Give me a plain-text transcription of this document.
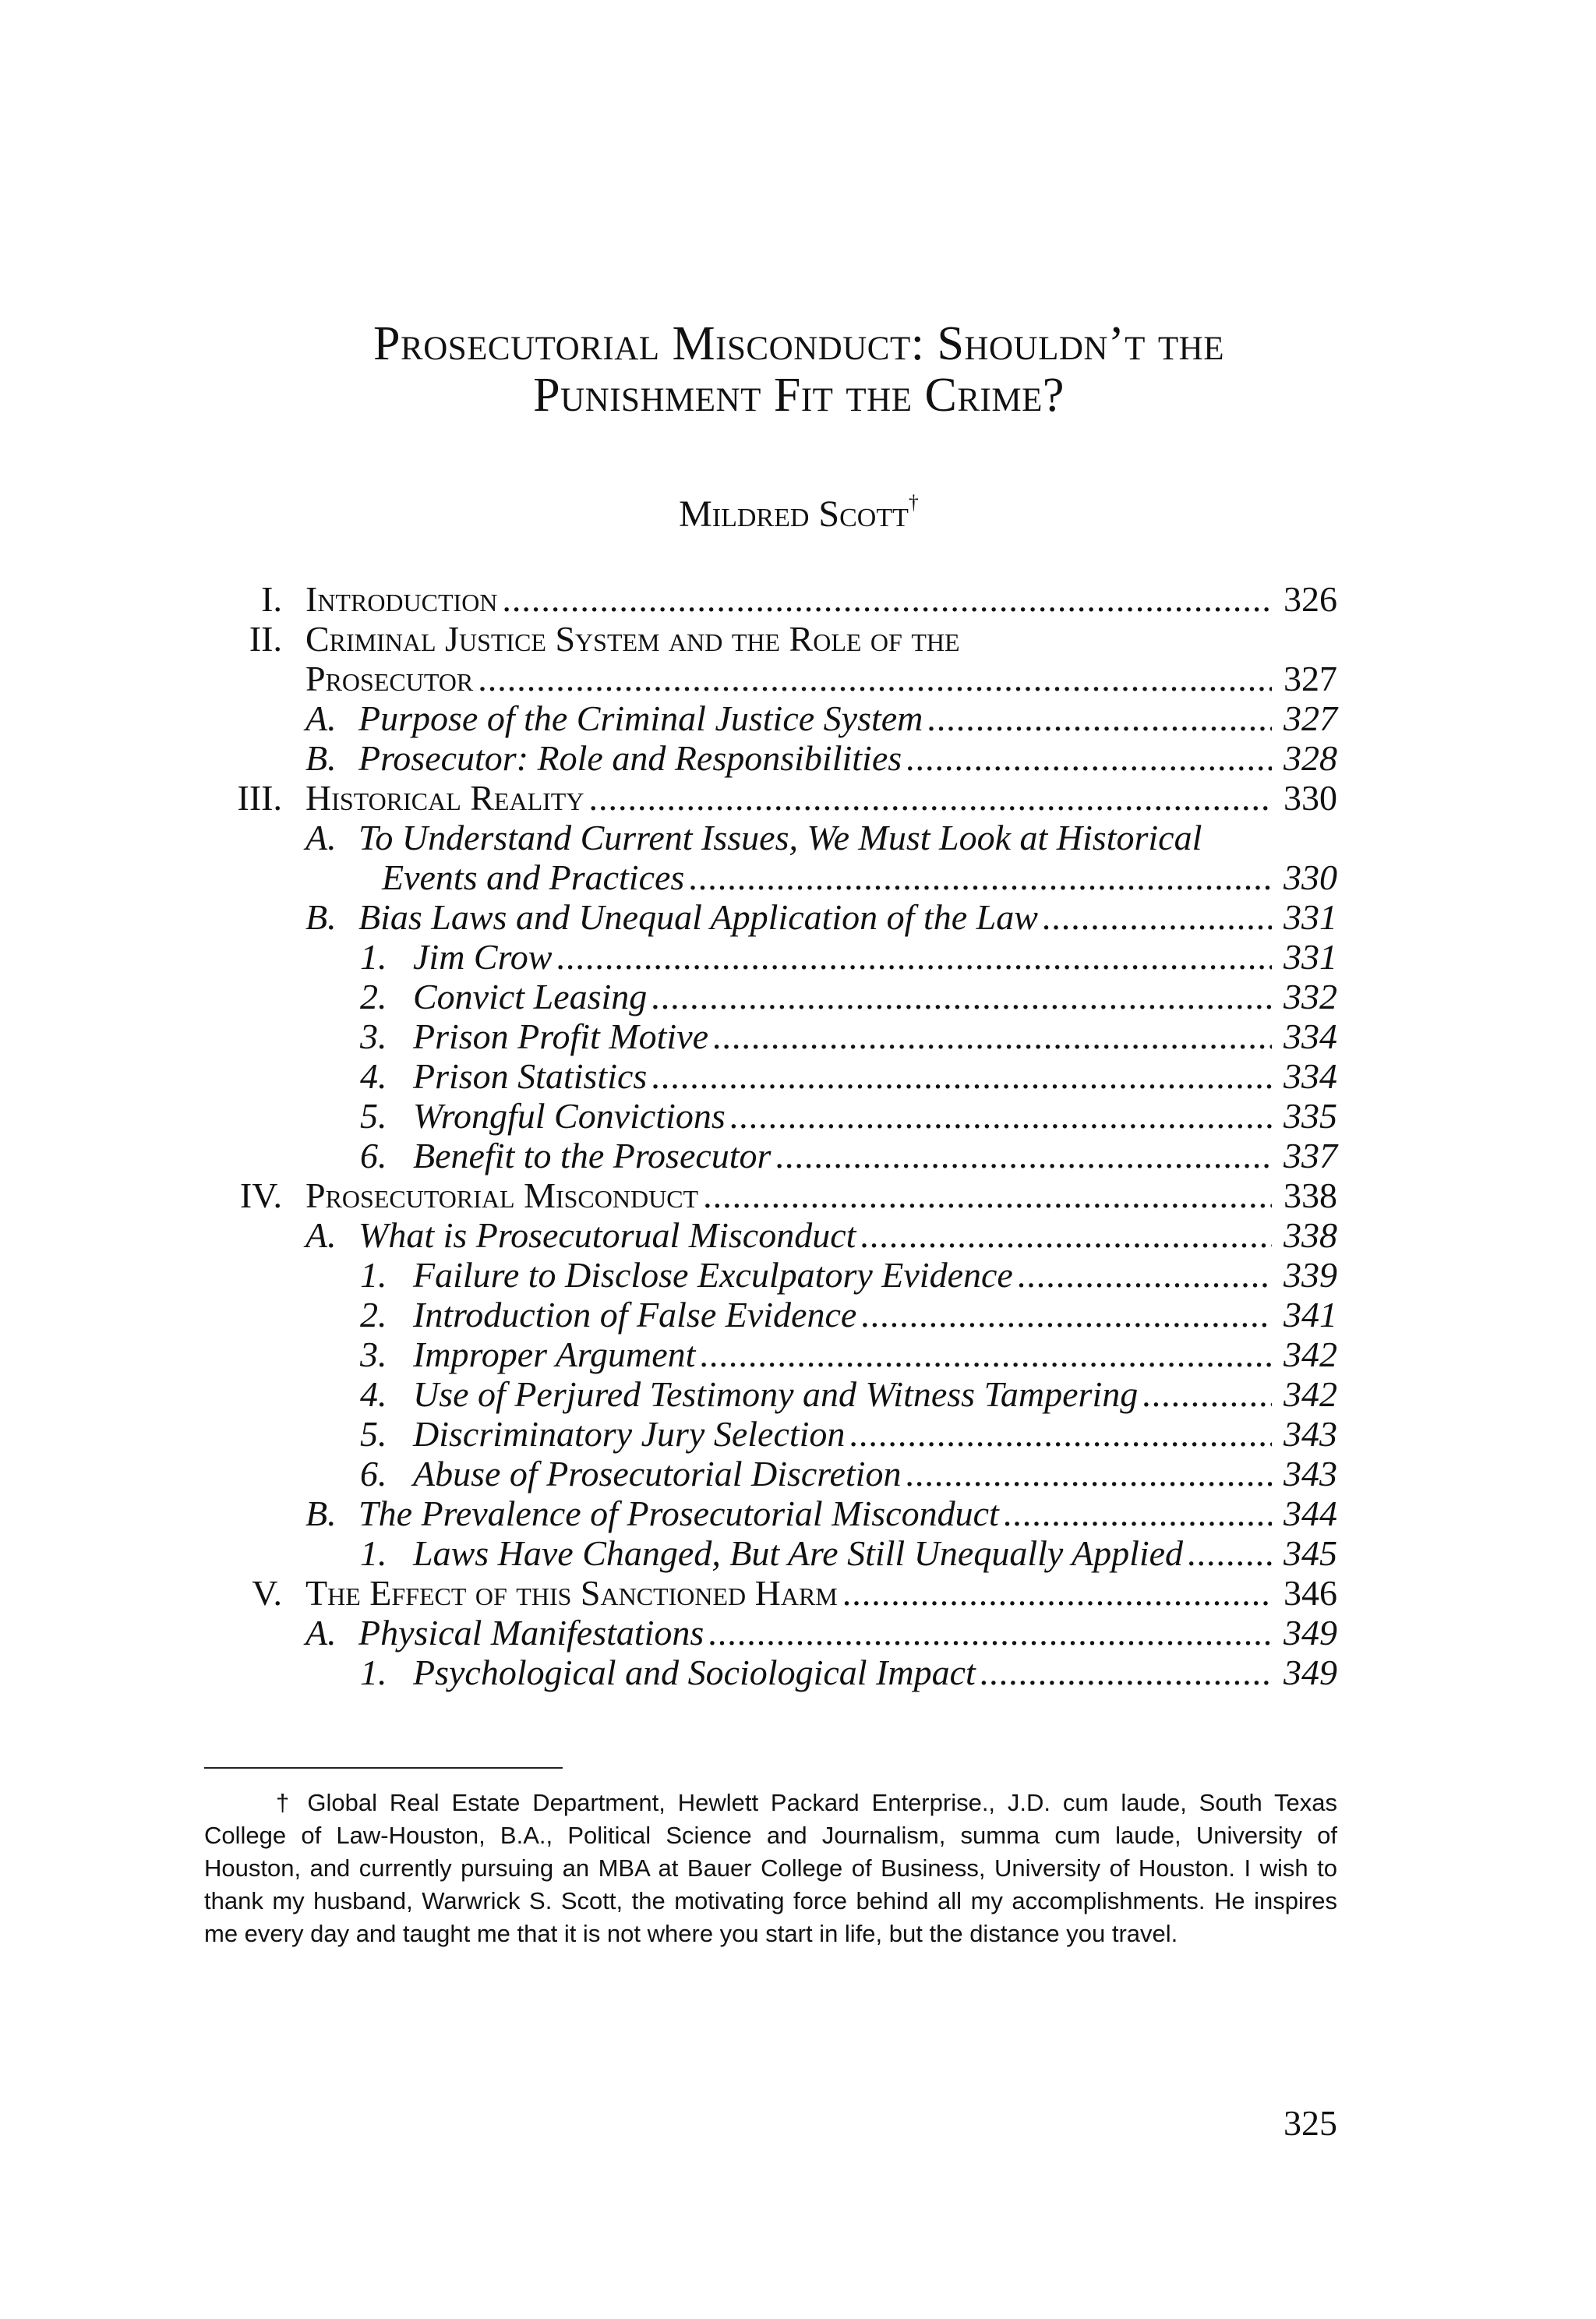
Prosecutorial Misconduct: Shouldn’t the
Punishment Fit the Crime?
Mildred Scott†
I. Introduction .....	326
II. Criminal Justice System and the Role of the
Prosecutor .....	327
A. Purpose of the Criminal Justice System .....	327
B. Prosecutor: Role and Responsibilities .....	328
III. Historical Reality .....	330
A. To Understand Current Issues, We Must Look at Historical
Events and Practices .....	330
B. Bias Laws and Unequal Application of the Law .....	331
1. Jim Crow .....	331
2. Convict Leasing .....	332
3. Prison Profit Motive .....	334
4. Prison Statistics .....	334
5. Wrongful Convictions .....	335
6. Benefit to the Prosecutor .....	337
IV. Prosecutorial Misconduct .....	338
A. What is Prosecutorual Misconduct .....	338
1. Failure to Disclose Exculpatory Evidence .....	339
2. Introduction of False Evidence .....	341
3. Improper Argument .....	342
4. Use of Perjured Testimony and Witness Tampering .....	342
5. Discriminatory Jury Selection .....	343
6. Abuse of Prosecutorial Discretion .....	343
B. The Prevalence of Prosecutorial Misconduct .....	344
1. Laws Have Changed, But Are Still Unequally Applied .....	345
V. The Effect of this Sanctioned Harm .....	346
A. Physical Manifestations .....	349
1. Psychological and Sociological Impact .....	349
† Global Real Estate Department, Hewlett Packard Enterprise., J.D. cum laude, South Texas College of Law-Houston, B.A., Political Science and Journalism, summa cum laude, University of Houston, and currently pursuing an MBA at Bauer College of Business, University of Houston. I wish to thank my husband, Warwrick S. Scott, the motivating force behind all my accomplishments. He inspires me every day and taught me that it is not where you start in life, but the distance you travel.
325
